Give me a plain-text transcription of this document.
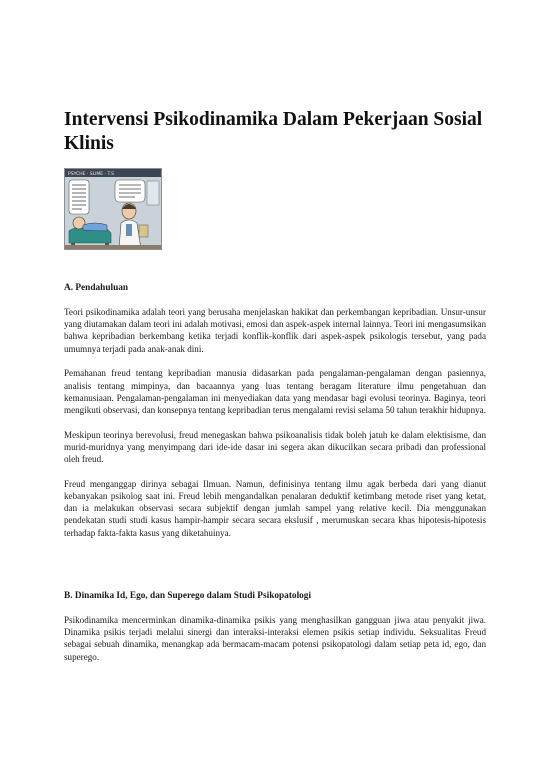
Intervensi Psikodinamika Dalam Pekerjaan Sosial Klinis
PSYCHE · SLIME · T.S
A. Pendahuluan

Teori psikodinamika adalah teori yang berusaha menjelaskan hakikat dan perkembangan kepribadian. Unsur-unsur yang diutamakan dalam teori ini adalah motivasi, emosi dan aspek-aspek internal lainnya. Teori ini mengasumsikan bahwa kepribadian berkembang ketika terjadi konflik-konflik dari aspek-aspek psikologis tersebut, yang pada umumnya terjadi pada anak-anak dini.

Pemahanan freud tentang kepribadian manusia didasarkan pada pengalaman-pengalaman dengan pasiennya, analisis tentang mimpinya, dan bacaannya yang luas tentang beragam literature ilmu pengetahuan dan kemanusiaan. Pengalaman-pengalaman ini menyediakan data yang mendasar bagi evolusi teorinya. Baginya, teori mengikuti observasi, dan konsepnya tentang kepribadian terus mengalami revisi selama 50 tahun terakhir hidupnya.

Meskipun teorinya berevolusi, freud menegaskan bahwa psikoanalisis tidak boleh jatuh ke dalam elektisisme, dan murid-muridnya yang menyimpang dari ide-ide dasar ini segera akan dikucilkan secara pribadi dan professional oleh freud.

Freud menganggap dirinya sebagai Ilmuan. Namun, definisinya tentang ilmu agak berbeda dari yang dianut kebanyakan psikolog saat ini. Freud lebih mengandalkan penalaran deduktif ketimbang metode riset yang ketat, dan ia melakukan observasi secara subjektif dengan jumlah sampel yang relative kecil. Dia menggunakan pendekatan studi studi kasus hampir-hampir secara secara ekslusif , merumuskan secara khas hipotesis-hipotesis terhadap fakta-fakta kasus yang diketahuinya.

B. Dinamika Id, Ego, dan Superego dalam Studi Psikopatologi

Psikodinamika mencerminkan dinamika-dinamika psikis yang menghasilkan gangguan jiwa atau penyakit jiwa. Dinamika psikis terjadi melalui sinergi dan interaksi-interaksi elemen psikis setiap individu. Seksualitas Freud sebagai sebuah dinamika, menangkap ada bermacam-macam potensi psikopatologi dalam setiap peta id, ego, dan superego.
